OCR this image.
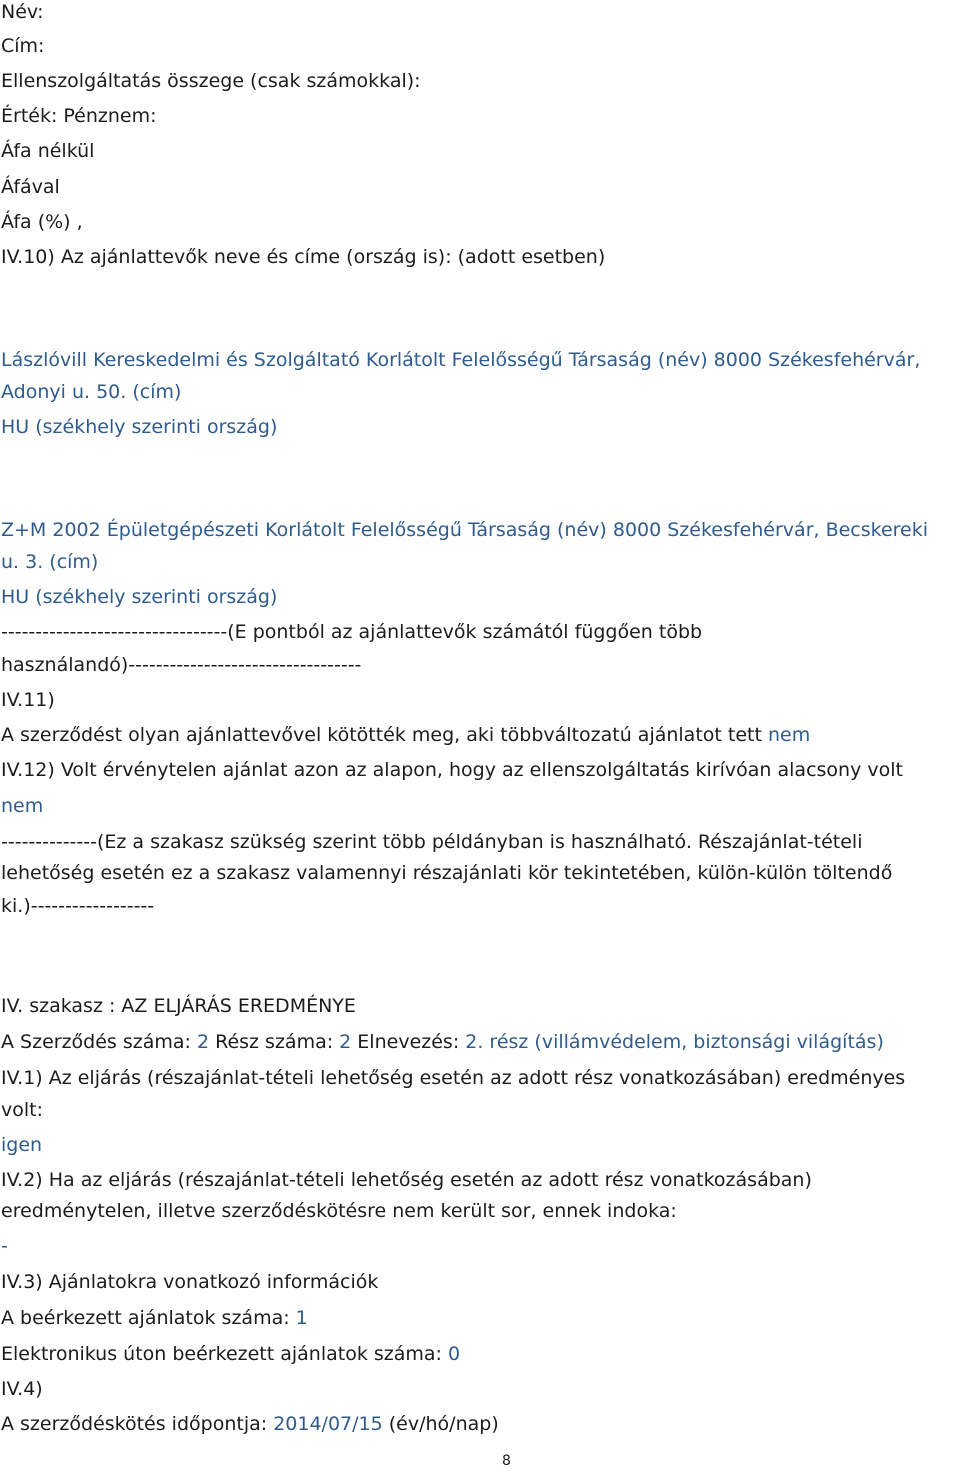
Név:
Cím:
Ellenszolgáltatás összege (csak számokkal):
Érték: Pénznem:
Áfa nélkül
Áfával
Áfa (%) ,
IV.10) Az ajánlattevők neve és címe (ország is): (adott esetben)
Lászlóvill Kereskedelmi és Szolgáltató Korlátolt Felelősségű Társaság (név) 8000 Székesfehérvár,
Adonyi u. 50. (cím)
HU (székhely szerinti ország)
Z+M 2002 Épületgépészeti Korlátolt Felelősségű Társaság (név) 8000 Székesfehérvár, Becskereki
u. 3. (cím)
HU (székhely szerinti ország)
---------------------------------(E pontból az ajánlattevők számától függően több
használandó)----------------------------------
IV.11)
A szerződést olyan ajánlattevővel kötötték meg, aki többváltozatú ajánlatot tett nem
IV.12) Volt érvénytelen ajánlat azon az alapon, hogy az ellenszolgáltatás kirívóan alacsony volt
nem
--------------(Ez a szakasz szükség szerint több példányban is használható. Részajánlat-tételi
lehetőség esetén ez a szakasz valamennyi részajánlati kör tekintetében, külön-külön töltendő
ki.)------------------
IV. szakasz : AZ ELJÁRÁS EREDMÉNYE
A Szerződés száma: 2 Rész száma: 2 Elnevezés: 2. rész (villámvédelem, biztonsági világítás)
IV.1) Az eljárás (részajánlat-tételi lehetőség esetén az adott rész vonatkozásában) eredményes
volt:
igen
IV.2) Ha az eljárás (részajánlat-tételi lehetőség esetén az adott rész vonatkozásában)
eredménytelen, illetve szerződéskötésre nem került sor, ennek indoka:
-
IV.3) Ajánlatokra vonatkozó információk
A beérkezett ajánlatok száma: 1
Elektronikus úton beérkezett ajánlatok száma: 0
IV.4)
A szerződéskötés időpontja: 2014/07/15 (év/hó/nap)
8
